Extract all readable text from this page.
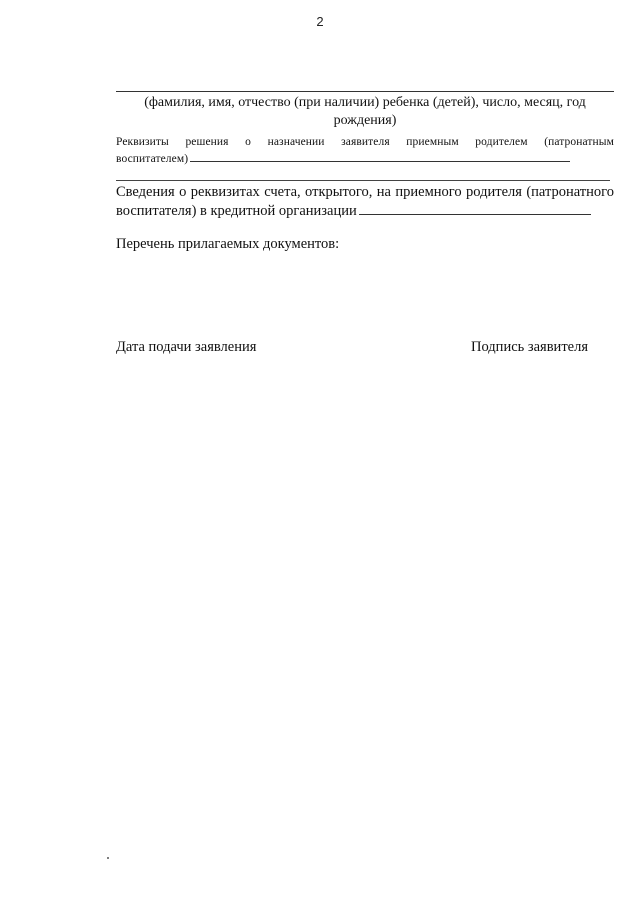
2
(фамилия, имя, отчество (при наличии) ребенка (детей), число, месяц, год
рождения)
Реквизиты решения о назначении заявителя приемным родителем (патронатным
воспитателем)
Сведения о реквизитах счета, открытого, на приемного родителя (патронатного
воспитателя) в кредитной организации
Перечень прилагаемых документов:
Дата подачи заявления	Подпись заявителя
